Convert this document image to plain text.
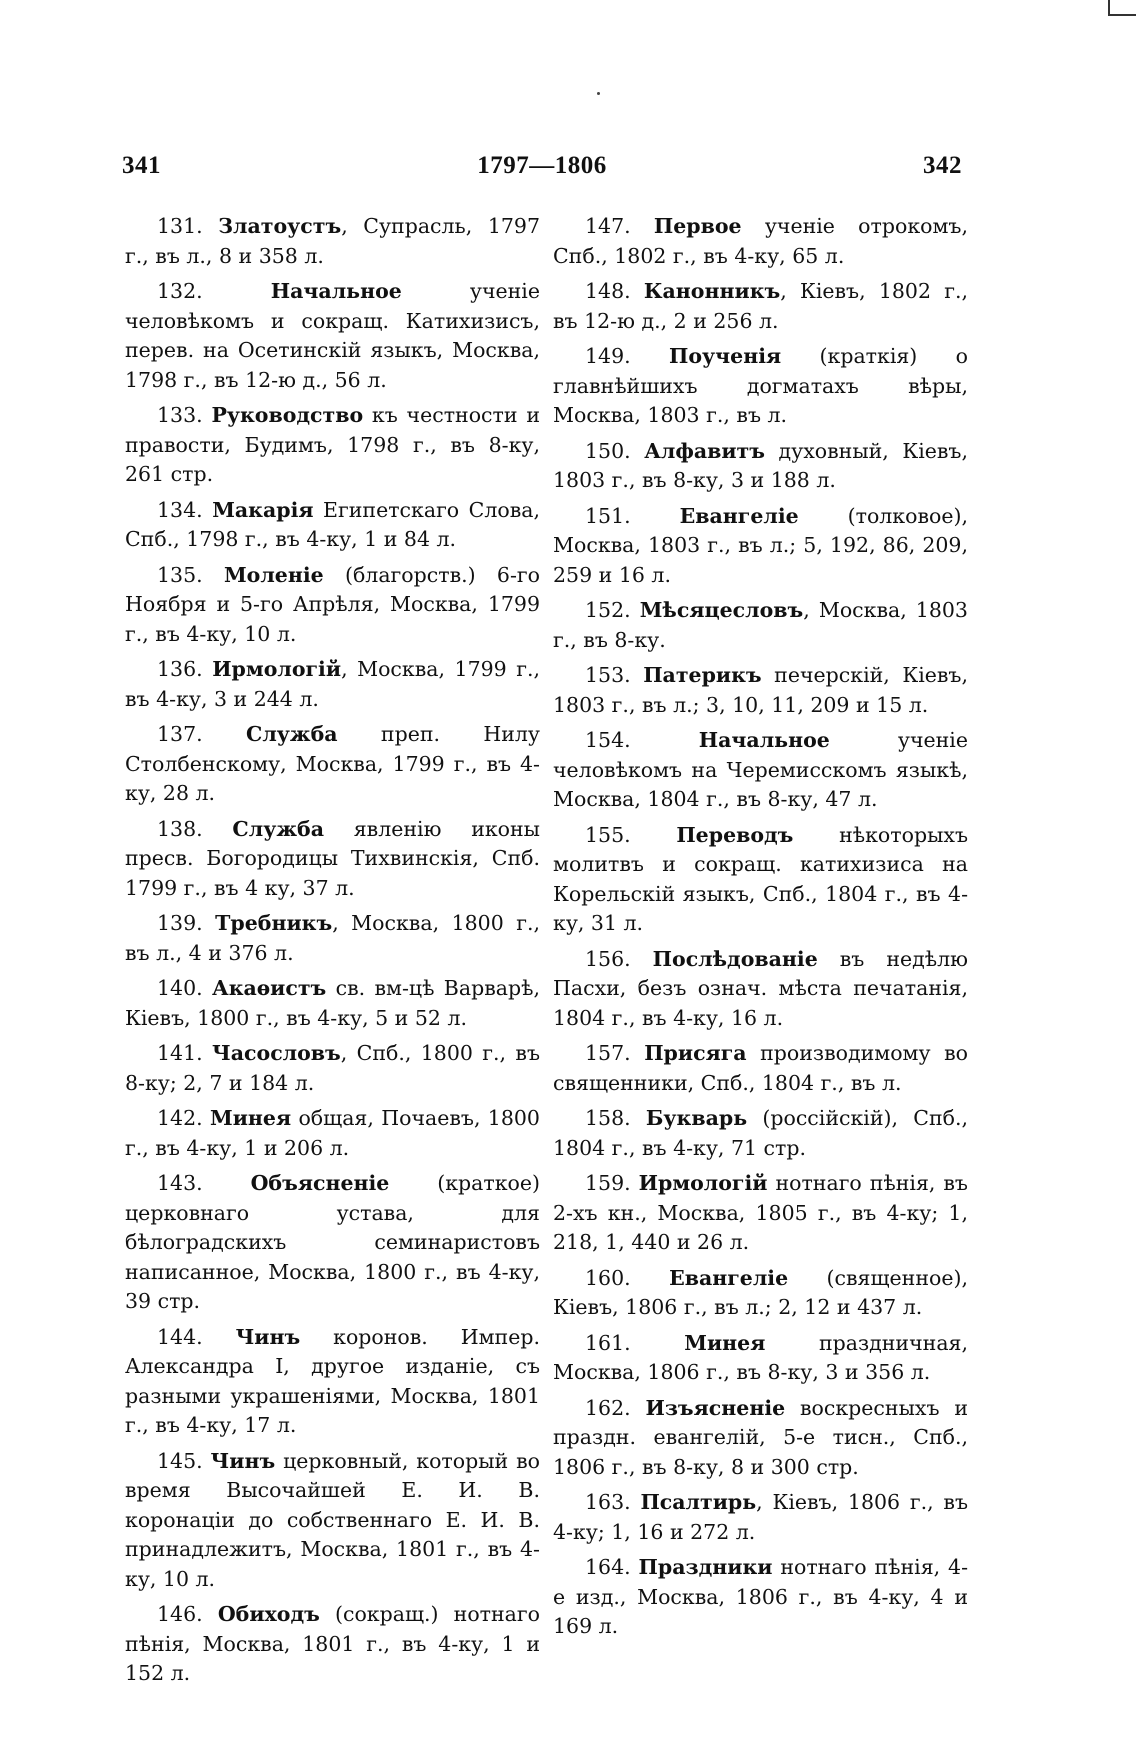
341	1797—1806	342

131. Златоустъ, Супрасль, 1797 г., въ л., 8 и 358 л.

132.	Начальное ученіе человѣкомъ и сокращ. Катихизисъ, перев. на Осетинскій языкъ, Москва, 1798 г., въ 12-ю д., 56 л.

133. Руководство къ честности и правости, Будимъ, 1798 г., въ 8-ку, 261 стр.

134. Макарія Египетскаго Слова, Спб., 1798 г., въ 4-ку, 1 и 84 л.

135. Моленіе (благорств.) 6-го Ноября и 5-го Апрѣля, Москва, 1799 г., въ 4-ку, 10 л.

136. Ирмологій, Москва, 1799 г., въ 4-ку, 3 и 244 л.

137. Служба преп. Нилу Столбенскому, Москва, 1799 г., въ 4-ку, 28 л.

138. Служба явленію иконы пресв. Богородицы Тихвинскія, Спб. 1799 г., въ 4 ку, 37 л.

139. Требникъ, Москва, 1800 г., въ л., 4 и 376 л.

140. Акаѳистъ св. вм-цѣ Варварѣ, Кіевъ, 1800 г., въ 4-ку, 5 и 52 л.

141. Часословъ, Спб., 1800 г., въ 8-ку; 2, 7 и 184 л.

142. Минея общая, Почаевъ, 1800 г., въ 4-ку, 1 и 206 л.

143. Объясненіе (краткое) церковнаго устава, для бѣлоградскихъ семинаристовъ написанное, Москва, 1800 г., въ 4-ку, 39 стр.

144. Чинъ коронов. Импер. Александра I, другое изданіе, съ разными украшеніями, Москва, 1801 г., въ 4-ку, 17 л.

145. Чинъ церковный, который во время Высочайшей Е. И. В. коронаціи до собственнаго Е. И. В. принадлежитъ, Москва, 1801 г., въ 4-ку, 10 л.

146. Обиходъ (сокращ.) нотнаго пѣнія, Москва, 1801 г., въ 4-ку, 1 и 152 л.

147. Первое ученіе отрокомъ, Спб., 1802 г., въ 4-ку, 65 л.

148. Канонникъ, Кіевъ, 1802 г., въ 12-ю д., 2 и 256 л.

149. Поученія (краткія) о главнѣйшихъ догматахъ вѣры, Москва, 1803 г., въ л.

150. Алфавитъ духовный, Кіевъ, 1803 г., въ 8-ку, 3 и 188 л.

151. Евангеліе (толковое), Москва, 1803 г., въ л.; 5, 192, 86, 209, 259 и 16 л.

152. Мѣсяцесловъ, Москва, 1803 г., въ 8-ку.

153. Патерикъ печерскій, Кіевъ, 1803 г., въ л.; 3, 10, 11, 209 и 15 л.

154.	Начальное ученіе человѣкомъ на Черемисскомъ языкѣ, Москва, 1804 г., въ 8-ку, 47 л.

155. Переводъ нѣкоторыхъ молитвъ и сокращ. катихизиса на Корельскій языкъ, Спб., 1804 г., въ 4-ку, 31 л.

156. Послѣдованіе въ недѣлю Пасхи, безъ означ. мѣста печатанія, 1804 г., въ 4-ку, 16 л.

157. Присяга производимому во священники, Спб., 1804 г., въ л.

158. Букварь (россійскій), Спб., 1804 г., въ 4-ку, 71 стр.

159. Ирмологій нотнаго пѣнія, въ 2-хъ кн., Москва, 1805 г., въ 4-ку; 1, 218, 1, 440 и 26 л.

160. Евангеліе (священное), Кіевъ, 1806 г., въ л.; 2, 12 и 437 л.

161.	Минея праздничная, Москва, 1806 г., въ 8-ку, 3 и 356 л.

162. Изъясненіе воскресныхъ и праздн. евангелій, 5-е тисн., Спб., 1806 г., въ 8-ку, 8 и 300 стр.

163. Псалтирь, Кіевъ, 1806 г., въ 4-ку; 1, 16 и 272 л.

164. Праздники нотнаго пѣнія, 4-е изд., Москва, 1806 г., въ 4-ку, 4 и 169 л.
